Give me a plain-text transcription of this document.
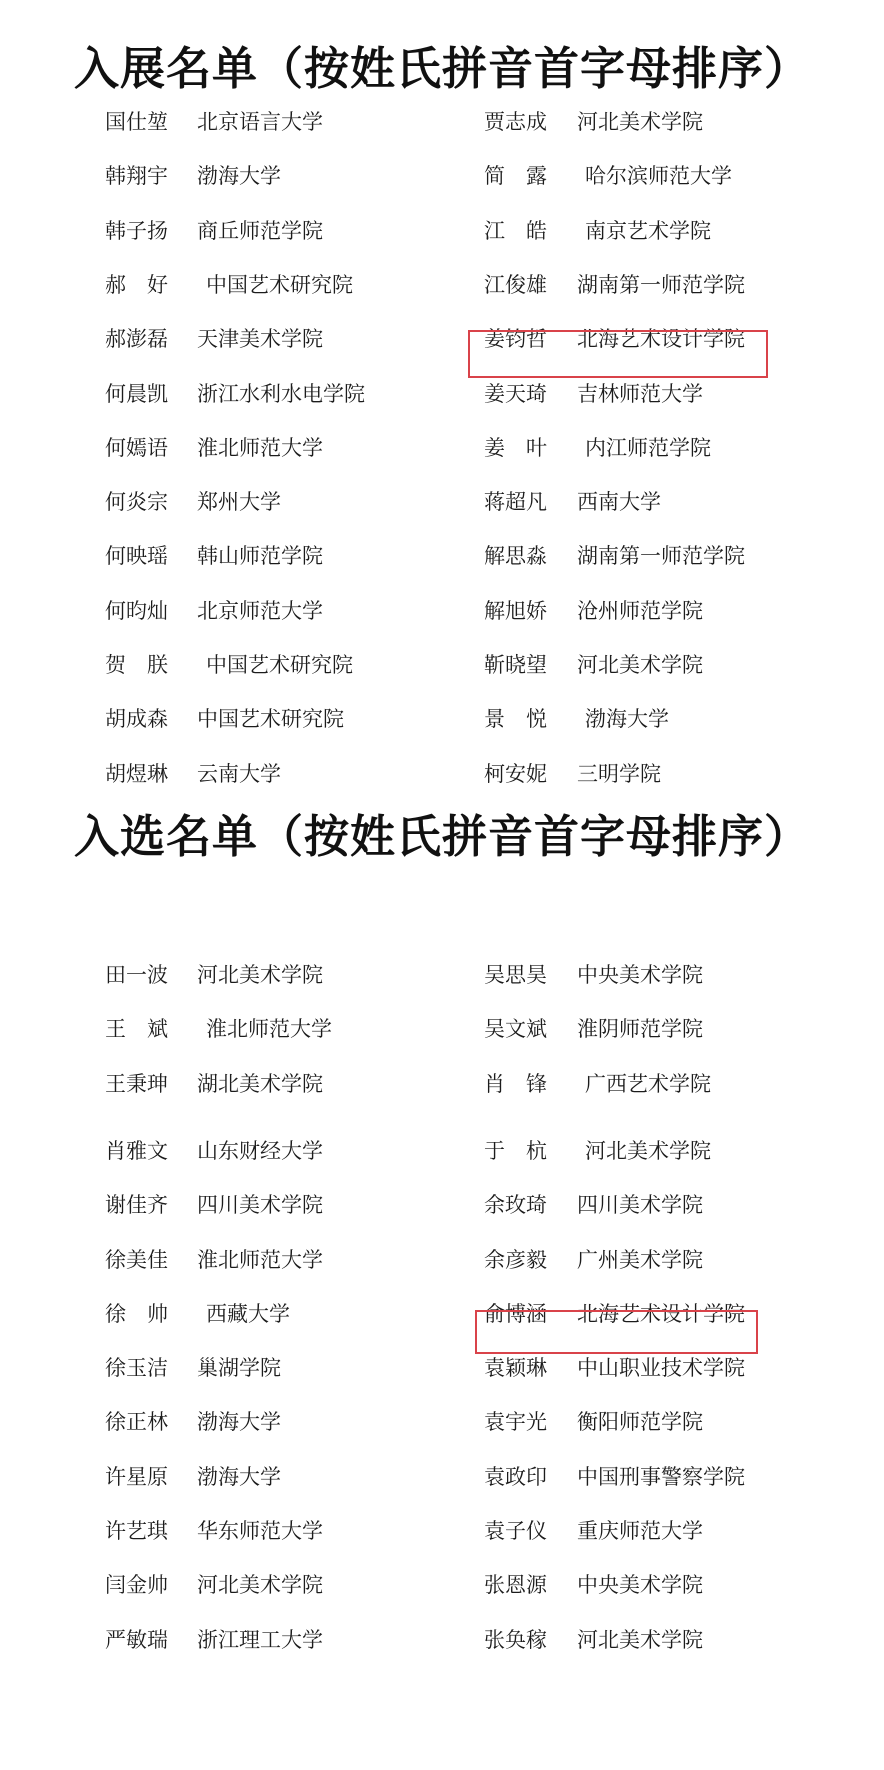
入展名单（按姓氏拼音首字母排序）
国仕堃 北京语言大学	贾志成 河北美术学院
韩翔宇 渤海大学	简　露 哈尔滨师范大学
韩子扬 商丘师范学院	江　皓 南京艺术学院
郝　好 中国艺术研究院	江俊雄 湖南第一师范学院
郝澎磊 天津美术学院	姜钧哲 北海艺术设计学院
何晨凯 浙江水利水电学院	姜天琦 吉林师范大学
何嫣语 淮北师范大学	姜　叶 内江师范学院
何炎宗 郑州大学	蒋超凡 西南大学
何映瑶 韩山师范学院	解思淼 湖南第一师范学院
何昀灿 北京师范大学	解旭娇 沧州师范学院
贺　朕 中国艺术研究院	靳晓望 河北美术学院
胡成森 中国艺术研究院	景　悦 渤海大学
胡煜琳 云南大学	柯安妮 三明学院
入选名单（按姓氏拼音首字母排序）
田一波 河北美术学院	吴思昊 中央美术学院
王　斌 淮北师范大学	吴文斌 淮阴师范学院
王秉珅 湖北美术学院	肖　锋 广西艺术学院
肖雅文 山东财经大学	于　杭 河北美术学院
谢佳齐 四川美术学院	余玫琦 四川美术学院
徐美佳 淮北师范大学	余彦毅 广州美术学院
徐　帅 西藏大学	俞博涵 北海艺术设计学院
徐玉洁 巢湖学院	袁颖琳 中山职业技术学院
徐正林 渤海大学	袁宇光 衡阳师范学院
许星原 渤海大学	袁政印 中国刑事警察学院
许艺琪 华东师范大学	袁子仪 重庆师范大学
闫金帅 河北美术学院	张恩源 中央美术学院
严敏瑞 浙江理工大学	张奂稼 河北美术学院
